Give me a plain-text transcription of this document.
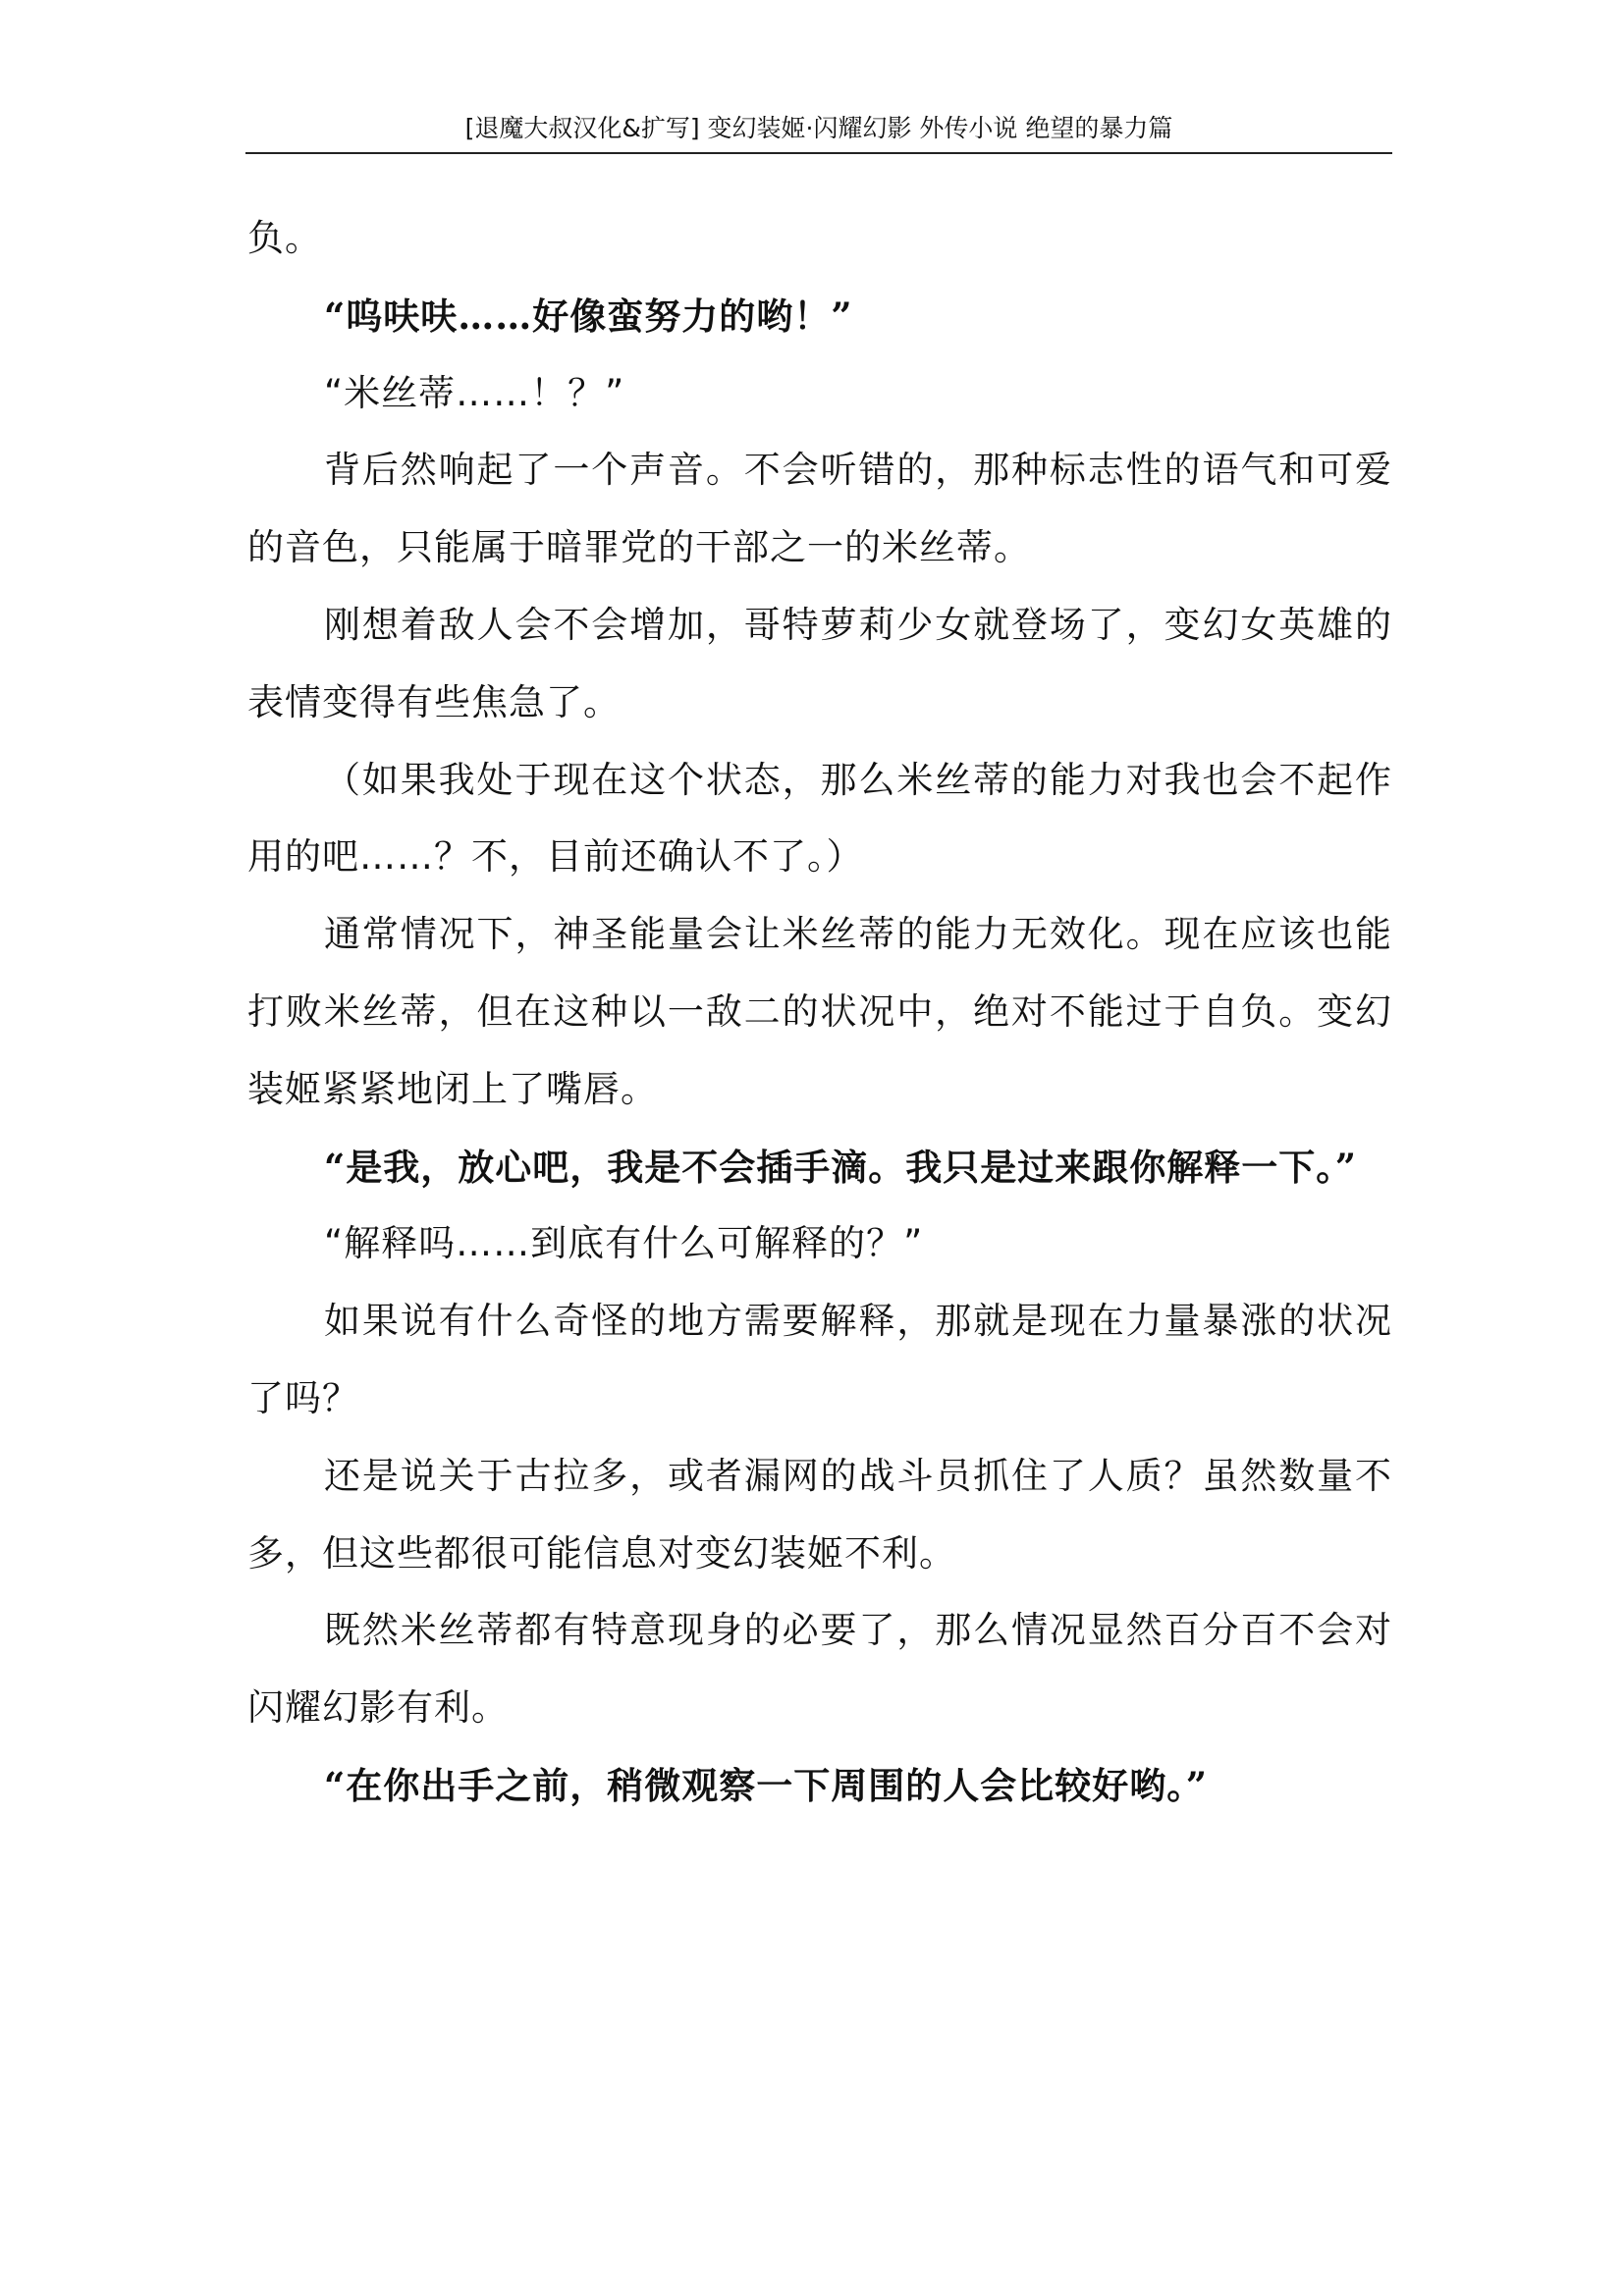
[退魔大叔汉化&扩写] 变幻装姬·闪耀幻影 外传小说 绝望的暴力篇

负。

“呜呋呋……好像蛮努力的哟！”

“米丝蒂……！？”

背后然响起了一个声音。不会听错的，那种标志性的语气和可爱的音色，只能属于暗罪党的干部之一的米丝蒂。

刚想着敌人会不会增加，哥特萝莉少女就登场了，变幻女英雄的表情变得有些焦急了。

（如果我处于现在这个状态，那么米丝蒂的能力对我也会不起作用的吧……？不，目前还确认不了。）

通常情况下，神圣能量会让米丝蒂的能力无效化。现在应该也能打败米丝蒂，但在这种以一敌二的状况中，绝对不能过于自负。变幻装姬紧紧地闭上了嘴唇。

“是我，放心吧，我是不会插手滴。我只是过来跟你解释一下。”

“解释吗……到底有什么可解释的？”

如果说有什么奇怪的地方需要解释，那就是现在力量暴涨的状况了吗？

还是说关于古拉多，或者漏网的战斗员抓住了人质？虽然数量不多，但这些都很可能信息对变幻装姬不利。

既然米丝蒂都有特意现身的必要了，那么情况显然百分百不会对闪耀幻影有利。

“在你出手之前，稍微观察一下周围的人会比较好哟。”
